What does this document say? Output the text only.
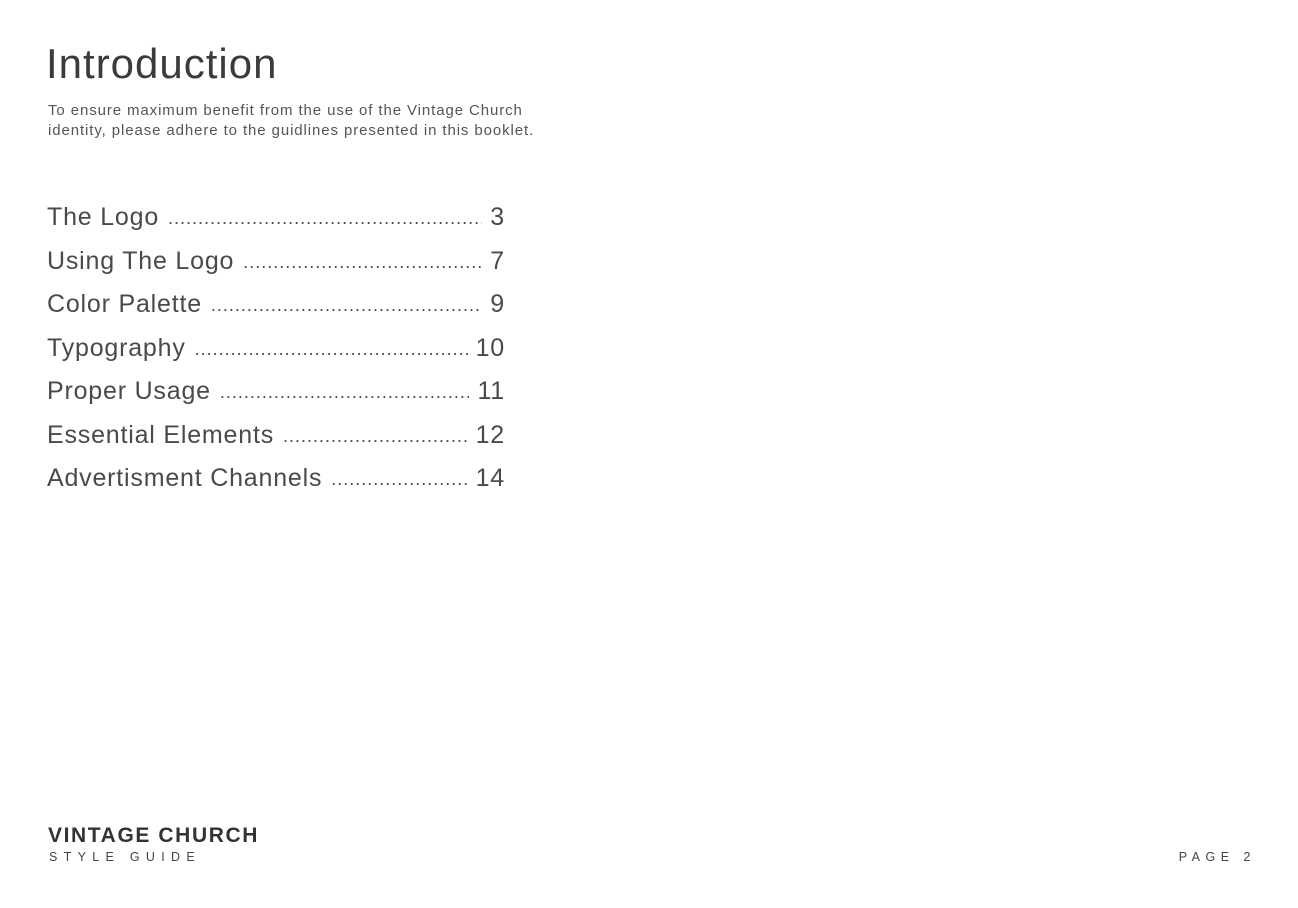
Introduction

To ensure maximum benefit from the use of the Vintage Church
identity, please adhere to the guidlines presented in this booklet.

The Logo .....	3
Using The Logo .....	7
Color Palette .....	9
Typography .....	10
Proper Usage .....	11
Essential Elements .....	12
Advertisment Channels .....	14
VINTAGE CHURCH
STYLE GUIDE	PAGE 2
